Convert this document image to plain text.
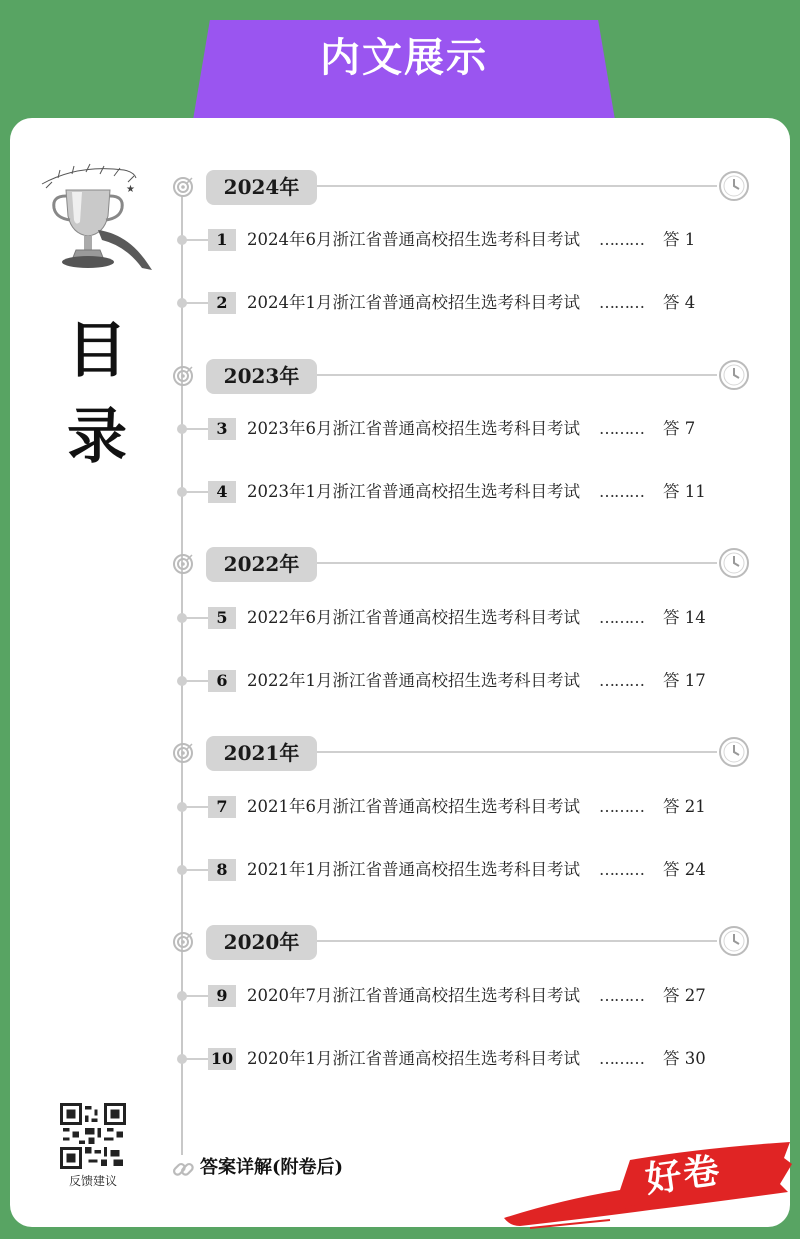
内文展示
★
目
录
2024年
1	2024年6月浙江省普通高校招生选考科目考试 ……… 答 1
2	2024年1月浙江省普通高校招生选考科目考试 ……… 答 4
2023年
3	2023年6月浙江省普通高校招生选考科目考试 ……… 答 7
4	2023年1月浙江省普通高校招生选考科目考试 ……… 答 11
2022年
5	2022年6月浙江省普通高校招生选考科目考试 ……… 答 14
6	2022年1月浙江省普通高校招生选考科目考试 ……… 答 17
2021年
7	2021年6月浙江省普通高校招生选考科目考试 ……… 答 21
8	2021年1月浙江省普通高校招生选考科目考试 ……… 答 24
2020年
9	2020年7月浙江省普通高校招生选考科目考试 ……… 答 27
10 2020年1月浙江省普通高校招生选考科目考试 ……… 答 30
反馈建议
答案详解(附卷后)	好卷
